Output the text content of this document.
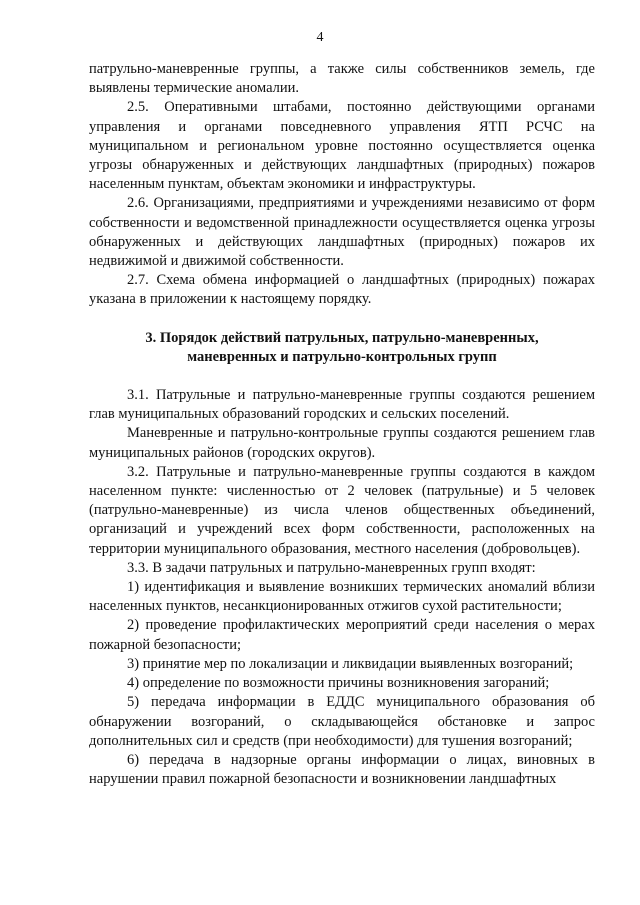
4

патрульно-маневренные группы, а также силы собственников земель, где выявлены термические аномалии.

2.5. Оперативными штабами, постоянно действующими органами управления и органами повседневного управления ЯТП РСЧС на муниципальном и региональном уровне постоянно осуществляется оценка угрозы обнаруженных и действующих ландшафтных (природных) пожаров населенным пунктам, объектам экономики и инфраструктуры.

2.6. Организациями, предприятиями и учреждениями независимо от форм собственности и ведомственной принадлежности осуществляется оценка угрозы обнаруженных и действующих ландшафтных (природных) пожаров их недвижимой и движимой собственности.

2.7. Схема обмена информацией о ландшафтных (природных) пожарах указана в приложении к настоящему порядку.

3. Порядок действий патрульных, патрульно-маневренных,
маневренных и патрульно-контрольных групп

3.1. Патрульные и патрульно-маневренные группы создаются решением глав муниципальных образований городских и сельских поселений.

Маневренные и патрульно-контрольные группы создаются решением глав муниципальных районов (городских округов).

3.2. Патрульные и патрульно-маневренные группы создаются в каждом населенном пункте: численностью от 2 человек (патрульные) и 5 человек (патрульно-маневренные) из числа членов общественных объединений, организаций и учреждений всех форм собственности, расположенных на территории муниципального образования, местного населения (добровольцев).

3.3. В задачи патрульных и патрульно-маневренных групп входят:

1) идентификация и выявление возникших термических аномалий вблизи населенных пунктов, несанкционированных отжигов сухой растительности;

2) проведение профилактических мероприятий среди населения о мерах пожарной безопасности;

3) принятие мер по локализации и ликвидации выявленных возгораний;

4) определение по возможности причины возникновения загораний;

5) передача информации в ЕДДС муниципального образования об обнаружении возгораний, о складывающейся обстановке и запрос дополнительных сил и средств (при необходимости) для тушения возгораний;

6) передача в надзорные органы информации о лицах, виновных в нарушении правил пожарной безопасности и возникновении ландшафтных
